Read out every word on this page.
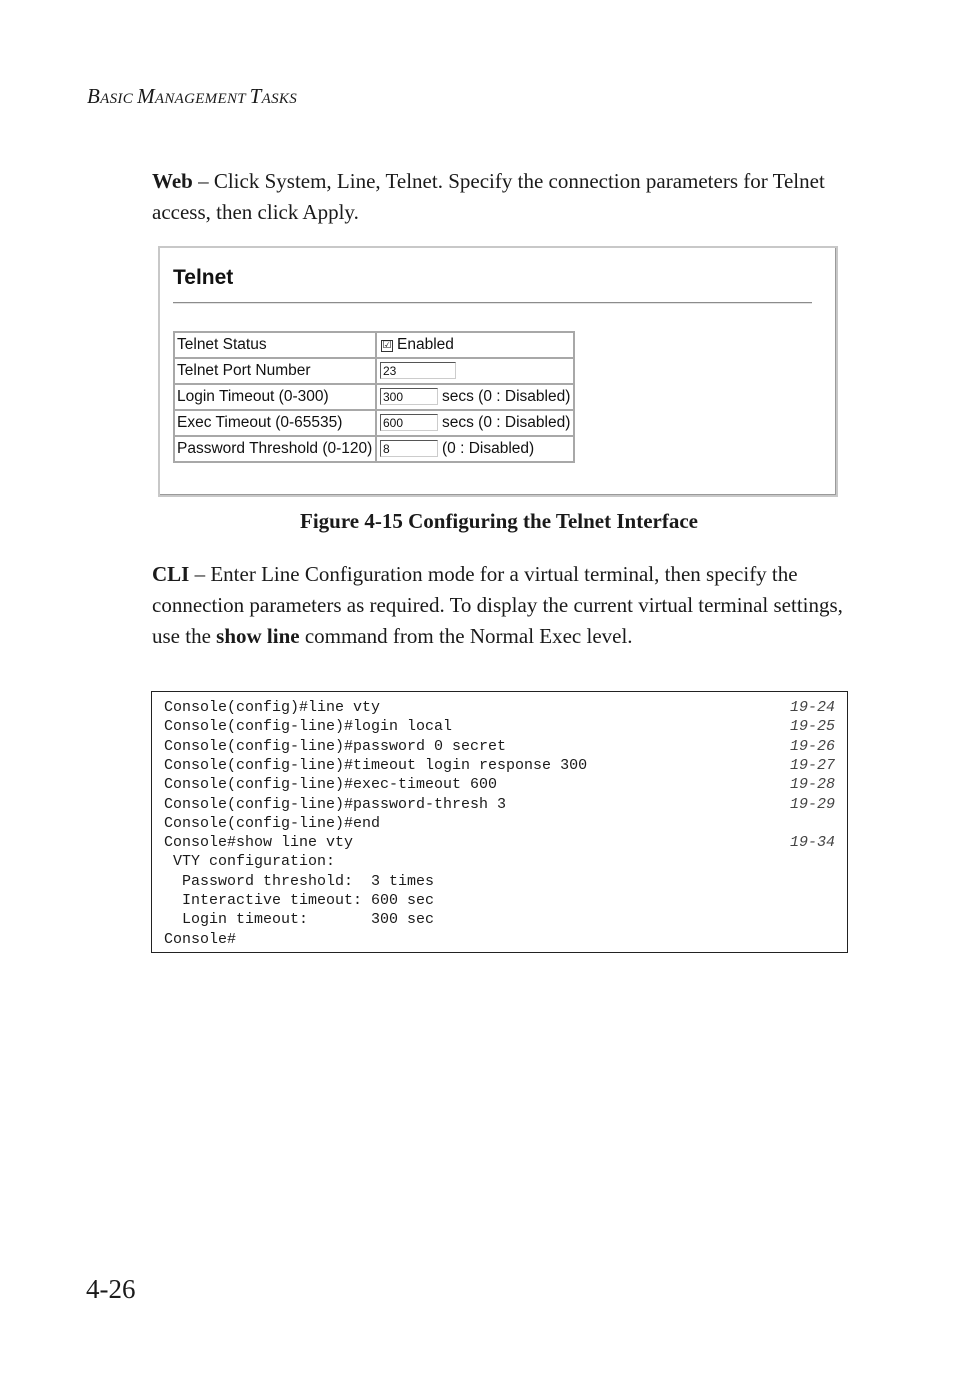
BASIC MANAGEMENT TASKS
Web – Click System, Line, Telnet. Specify the connection parameters for Telnet access, then click Apply.
Telnet
Telnet Status	☑ Enabled
Telnet Port Number	23
Login Timeout (0-300)	300 secs (0 : Disabled)
Exec Timeout (0-65535)	600 secs (0 : Disabled)
Password Threshold (0-120)	8 (0 : Disabled)
Figure 4-15 Configuring the Telnet Interface
CLI – Enter Line Configuration mode for a virtual terminal, then specify the connection parameters as required. To display the current virtual terminal settings, use the show line command from the Normal Exec level.
Console(config)#line vty	19-24
Console(config-line)#login local	19-25
Console(config-line)#password 0 secret	19-26
Console(config-line)#timeout login response 300	19-27
Console(config-line)#exec-timeout 600	19-28
Console(config-line)#password-thresh 3	19-29
Console(config-line)#end
Console#show line vty	19-34
VTY configuration:
Password threshold:  3 times
Interactive timeout: 600 sec
Login timeout:       300 sec
Console#
4-26
